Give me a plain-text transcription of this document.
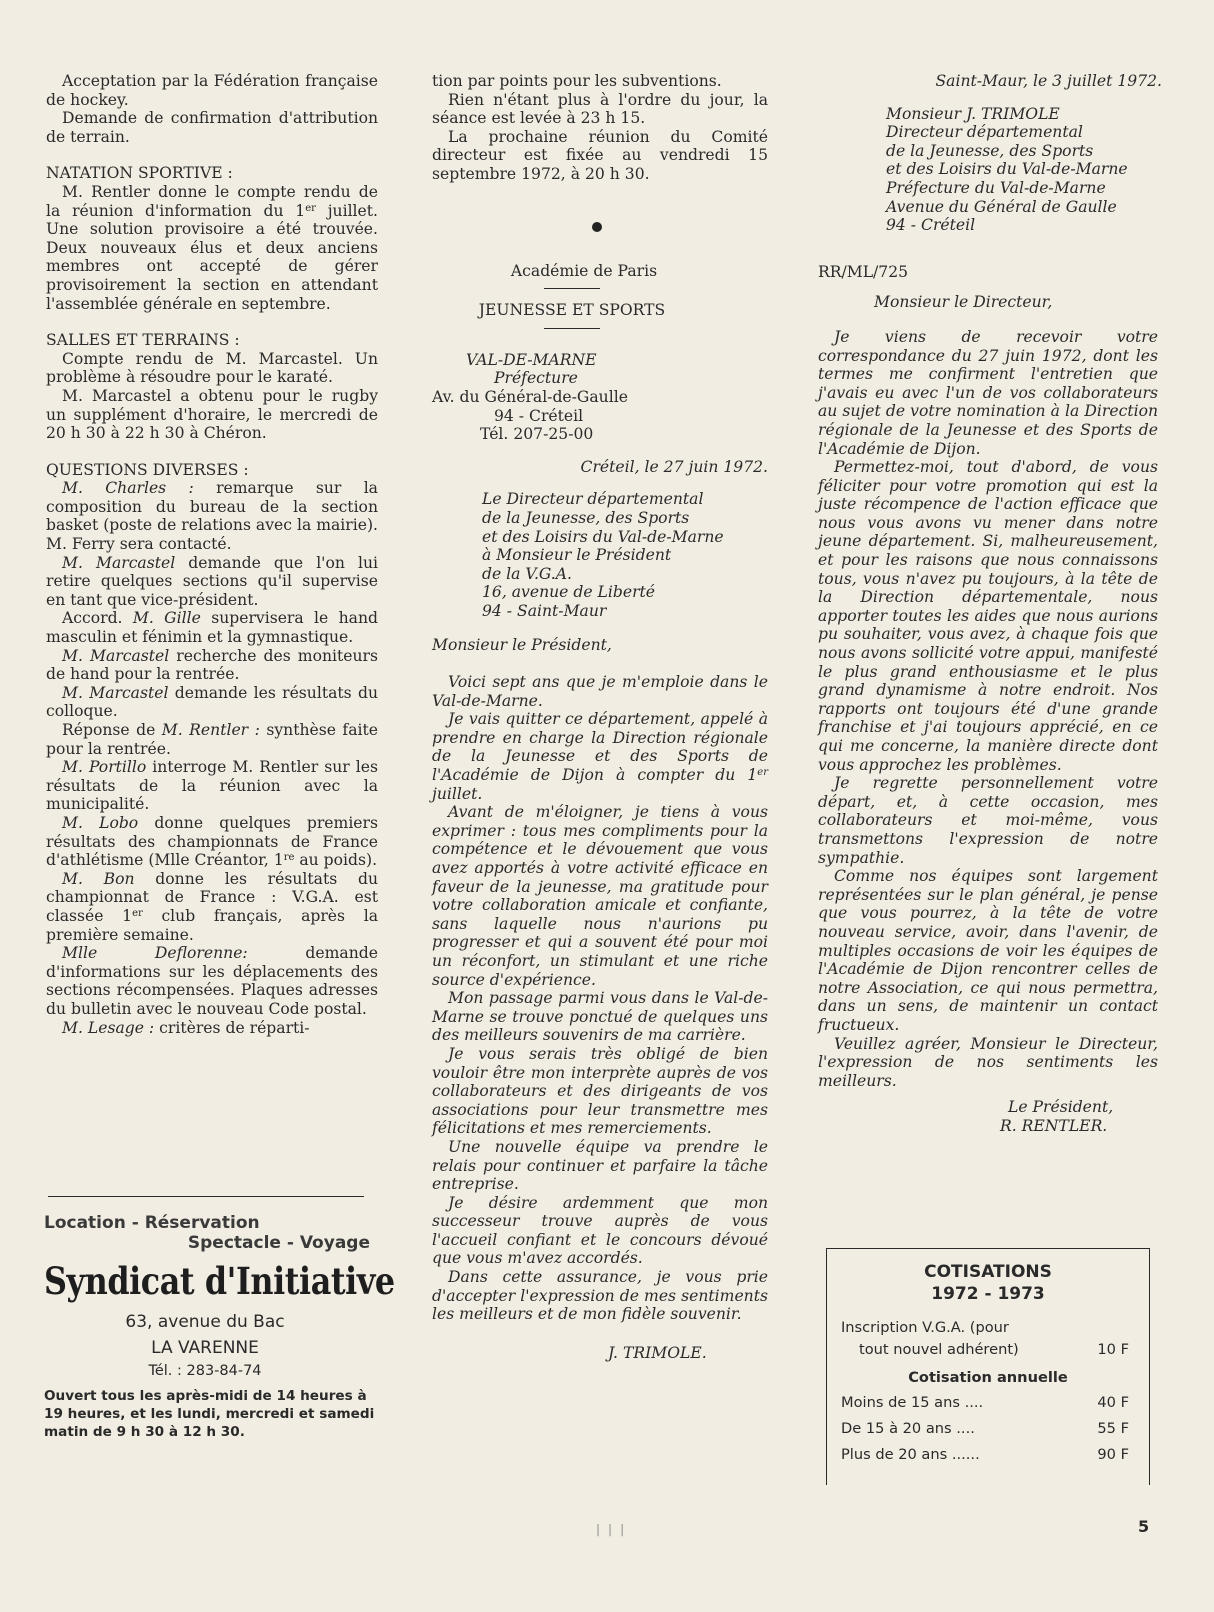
Acceptation par la Fédération française de hockey.

Demande de confirmation d'attribution de terrain.

NATATION SPORTIVE :

M. Rentler donne le compte rendu de la réunion d'information du 1er juillet. Une solution provisoire a été trouvée. Deux nouveaux élus et deux anciens membres ont accepté de gérer provisoirement la section en attendant l'assemblée générale en septembre.

SALLES ET TERRAINS :

Compte rendu de M. Marcastel. Un problème à résoudre pour le karaté.

M. Marcastel a obtenu pour le rugby un supplément d'horaire, le mercredi de 20 h 30 à 22 h 30 à Chéron.

QUESTIONS DIVERSES :

M. Charles : remarque sur la composition du bureau de la section basket (poste de relations avec la mairie). M. Ferry sera contacté.

M. Marcastel demande que l'on lui retire quelques sections qu'il supervise en tant que vice-président.

Accord. M. Gille supervisera le hand masculin et fénimin et la gymnastique.

M. Marcastel recherche des moniteurs de hand pour la rentrée.

M. Marcastel demande les résultats du colloque.

Réponse de M. Rentler : synthèse faite pour la rentrée.

M. Portillo interroge M. Rentler sur les résultats de la réunion avec la municipalité.

M. Lobo donne quelques premiers résultats des championnats de France d'athlétisme (Mlle Créantor, 1re au poids).

M. Bon donne les résultats du championnat de France : V.G.A. est classée 1er club français, après la première semaine.

Mlle Deflorenne: demande d'informations sur les déplacements des sections récompensées. Plaques adresses du bulletin avec le nouveau Code postal.

M. Lesage : critères de réparti-

Location - Réservation
Spectacle - Voyage
Syndicat d'Initiative
63, avenue du Bac
LA VARENNE
Tél. : 283-84-74
Ouvert tous les après-midi de 14 heures à 19 heures, et les lundi, mercredi et samedi matin de 9 h 30 à 12 h 30.

tion par points pour les subventions.

Rien n'étant plus à l'ordre du jour, la séance est levée à 23 h 15.

La prochaine réunion du Comité directeur est fixée au vendredi 15 septembre 1972, à 20 h 30.

Académie de Paris

JEUNESSE ET SPORTS

VAL-DE-MARNE

Préfecture

Av. du Général-de-Gaulle

94 - Créteil

Tél. 207-25-00

Créteil, le 27 juin 1972.

Le Directeur départemental

de la Jeunesse, des Sports

et des Loisirs du Val-de-Marne

à Monsieur le Président

de la V.G.A.

16, avenue de Liberté

94 - Saint-Maur

Monsieur le Président,

Voici sept ans que je m'emploie dans le Val-de-Marne.

Je vais quitter ce département, appelé à prendre en charge la Direction régionale de la Jeunesse et des Sports de l'Académie de Dijon à compter du 1er juillet.

Avant de m'éloigner, je tiens à vous exprimer : tous mes compliments pour la compétence et le dévouement que vous avez apportés à votre activité efficace en faveur de la jeunesse, ma gratitude pour votre collaboration amicale et confiante, sans laquelle nous n'aurions pu progresser et qui a souvent été pour moi un réconfort, un stimulant et une riche source d'expérience.

Mon passage parmi vous dans le Val-de-Marne se trouve ponctué de quelques uns des meilleurs souvenirs de ma carrière.

Je vous serais très obligé de bien vouloir être mon interprète auprès de vos collaborateurs et des dirigeants de vos associations pour leur transmettre mes félicitations et mes remerciements.

Une nouvelle équipe va prendre le relais pour continuer et parfaire la tâche entreprise.

Je désire ardemment que mon successeur trouve auprès de vous l'accueil confiant et le concours dévoué que vous m'avez accordés.

Dans cette assurance, je vous prie d'accepter l'expression de mes sentiments les meilleurs et de mon fidèle souvenir.

J. TRIMOLE.

Saint-Maur, le 3 juillet 1972.

Monsieur J. TRIMOLE

Directeur départemental

de la Jeunesse, des Sports

et des Loisirs du Val-de-Marne

Préfecture du Val-de-Marne

Avenue du Général de Gaulle

94 - Créteil

RR/ML/725

Monsieur le Directeur,

Je viens de recevoir votre correspondance du 27 juin 1972, dont les termes me confirment l'entretien que j'avais eu avec l'un de vos collaborateurs au sujet de votre nomination à la Direction régionale de la Jeunesse et des Sports de l'Académie de Dijon.

Permettez-moi, tout d'abord, de vous féliciter pour votre promotion qui est la juste récompence de l'action efficace que nous vous avons vu mener dans notre jeune département. Si, malheureusement, et pour les raisons que nous connaissons tous, vous n'avez pu toujours, à la tête de la Direction départementale, nous apporter toutes les aides que nous aurions pu souhaiter, vous avez, à chaque fois que nous avons sollicité votre appui, manifesté le plus grand enthousiasme et le plus grand dynamisme à notre endroit. Nos rapports ont toujours été d'une grande franchise et j'ai toujours apprécié, en ce qui me concerne, la manière directe dont vous approchez les problèmes.

Je regrette personnellement votre départ, et, à cette occasion, mes collaborateurs et moi-même, vous transmettons l'expression de notre sympathie.

Comme nos équipes sont largement représentées sur le plan général, je pense que vous pourrez, à la tête de votre nouveau service, avoir, dans l'avenir, de multiples occasions de voir les équipes de l'Académie de Dijon rencontrer celles de notre Association, ce qui nous permettra, dans un sens, de maintenir un contact fructueux.

Veuillez agréer, Monsieur le Directeur, l'expression de nos sentiments les meilleurs.

Le Président,

R. RENTLER.

COTISATIONS
1972 - 1973
Inscription V.G.A. (pour
tout nouvel adhérent)	10 F
Cotisation annuelle
Moins de 15 ans ....	40 F
De 15 à 20 ans ....	55 F
Plus de 20 ans ......	90 F
|||	5
